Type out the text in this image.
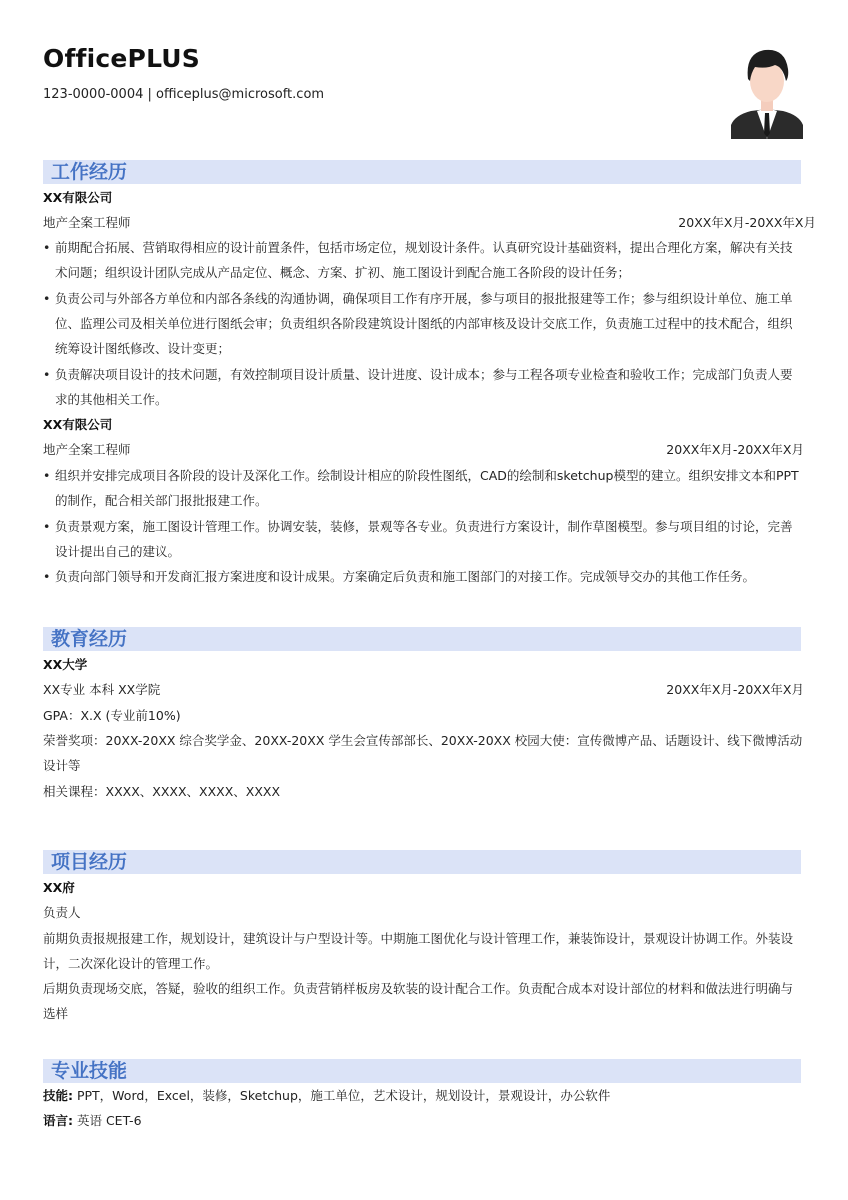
OfficePLUS
123-0000-0004 | officeplus@microsoft.com
工作经历
XX有限公司
地产全案工程师	20XX年X月-20XX年X月
• 前期配合拓展、营销取得相应的设计前置条件，包括市场定位，规划设计条件。认真研究设计基础资料，提出合理化方案，解决有关技术问题；组织设计团队完成从产品定位、概念、方案、扩初、施工图设计到配合施工各阶段的设计任务；
• 负责公司与外部各方单位和内部各条线的沟通协调，确保项目工作有序开展，参与项目的报批报建等工作；参与组织设计单位、施工单位、监理公司及相关单位进行图纸会审；负责组织各阶段建筑设计图纸的内部审核及设计交底工作，负责施工过程中的技术配合，组织统筹设计图纸修改、设计变更；
• 负责解决项目设计的技术问题，有效控制项目设计质量、设计进度、设计成本；参与工程各项专业检查和验收工作；完成部门负责人要求的其他相关工作。
XX有限公司
地产全案工程师	20XX年X月-20XX年X月
• 组织并安排完成项目各阶段的设计及深化工作。绘制设计相应的阶段性图纸，CAD的绘制和sketchup模型的建立。组织安排文本和PPT的制作，配合相关部门报批报建工作。
• 负责景观方案，施工图设计管理工作。协调安装，装修，景观等各专业。负责进行方案设计，制作草图模型。参与项目组的讨论，完善设计提出自己的建议。
• 负责向部门领导和开发商汇报方案进度和设计成果。方案确定后负责和施工图部门的对接工作。完成领导交办的其他工作任务。
教育经历
XX大学
XX专业 本科 XX学院	20XX年X月-20XX年X月
GPA：X.X (专业前10%)
荣誉奖项：20XX-20XX 综合奖学金、20XX-20XX 学生会宣传部部长、20XX-20XX 校园大使：宣传微博产品、话题设计、线下微博活动设计等
相关课程：XXXX、XXXX、XXXX、XXXX
项目经历
XX府
负责人
前期负责报规报建工作，规划设计，建筑设计与户型设计等。中期施工图优化与设计管理工作，兼装饰设计，景观设计协调工作。外装设计，二次深化设计的管理工作。
后期负责现场交底，答疑，验收的组织工作。负责营销样板房及软装的设计配合工作。负责配合成本对设计部位的材料和做法进行明确与选样
专业技能
技能: PPT，Word，Excel，装修，Sketchup，施工单位，艺术设计，规划设计，景观设计，办公软件
语言: 英语 CET-6
